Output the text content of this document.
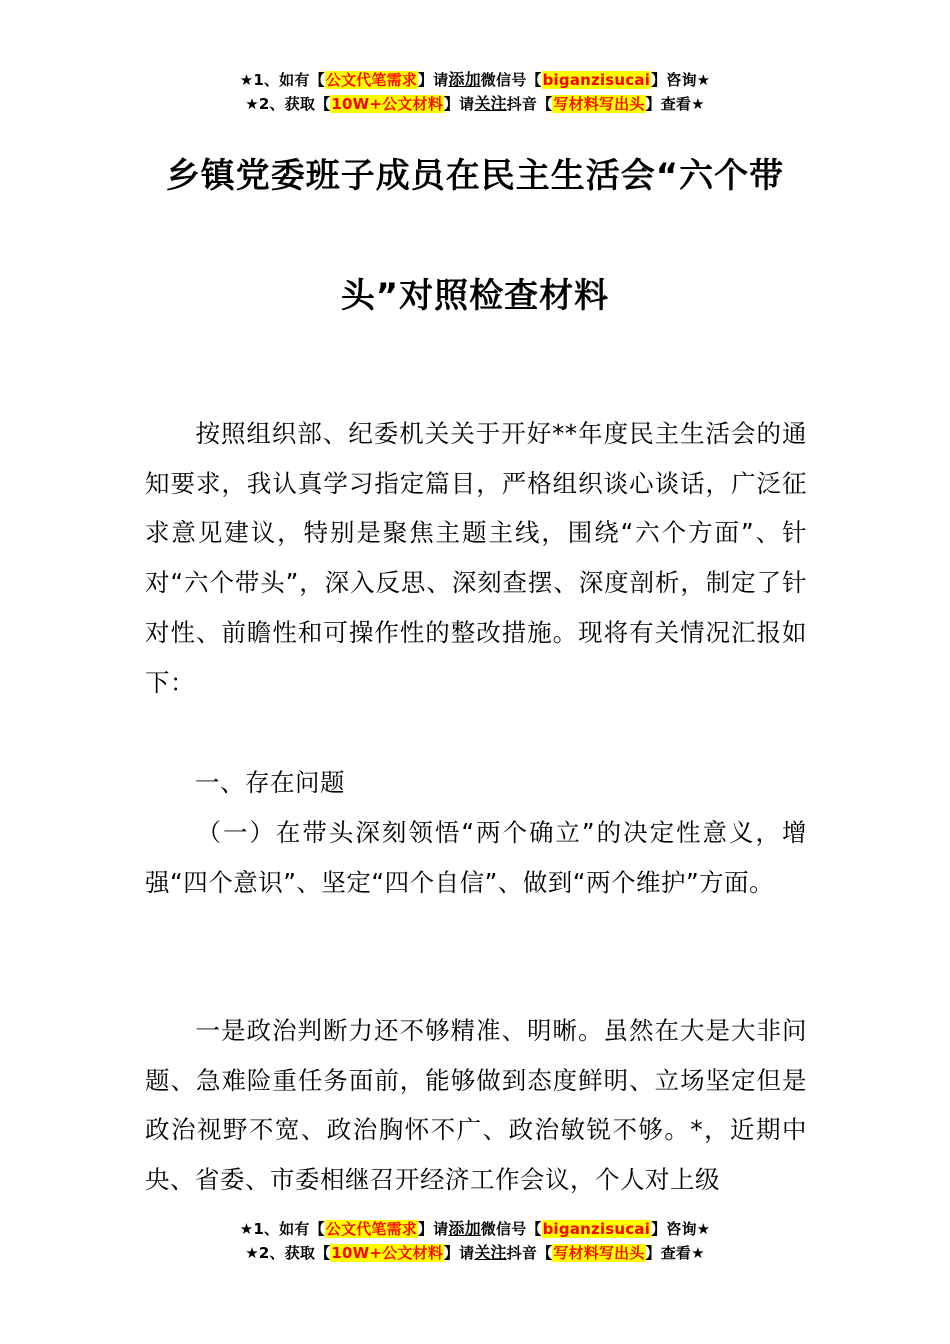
★1、如有【公文代笔需求】请添加微信号【biganzisucai】咨询★
★2、获取【10W+公文材料】请关注抖音【写材料写出头】查看★
乡镇党委班子成员在民主生活会“六个带
头”对照检查材料
按照组织部、纪委机关关于开好**年度民主生活会的通知要求，我认真学习指定篇目，严格组织谈心谈话，广泛征求意见建议，特别是聚焦主题主线，围绕“六个方面”、针对“六个带头”，深入反思、深刻查摆、深度剖析，制定了针对性、前瞻性和可操作性的整改措施。现将有关情况汇报如下：
一、存在问题
（一）在带头深刻领悟“两个确立”的决定性意义，增强“四个意识”、坚定“四个自信”、做到“两个维护”方面。
一是政治判断力还不够精准、明晰。虽然在大是大非问题、急难险重任务面前，能够做到态度鲜明、立场坚定但是政治视野不宽、政治胸怀不广、政治敏锐不够。*，近期中央、省委、市委相继召开经济工作会议，个人对上级
★1、如有【公文代笔需求】请添加微信号【biganzisucai】咨询★
★2、获取【10W+公文材料】请关注抖音【写材料写出头】查看★
